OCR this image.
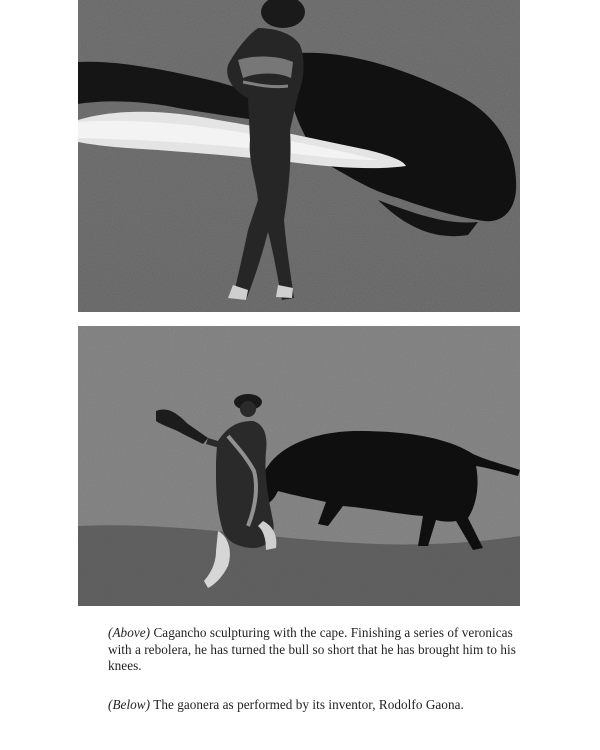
(Above) Cagancho sculpturing with the cape. Finishing a series of veronicas with a rebolera, he has turned the bull so short that he has brought him to his knees.

(Below) The gaonera as performed by its inventor, Rodolfo Gaona.
